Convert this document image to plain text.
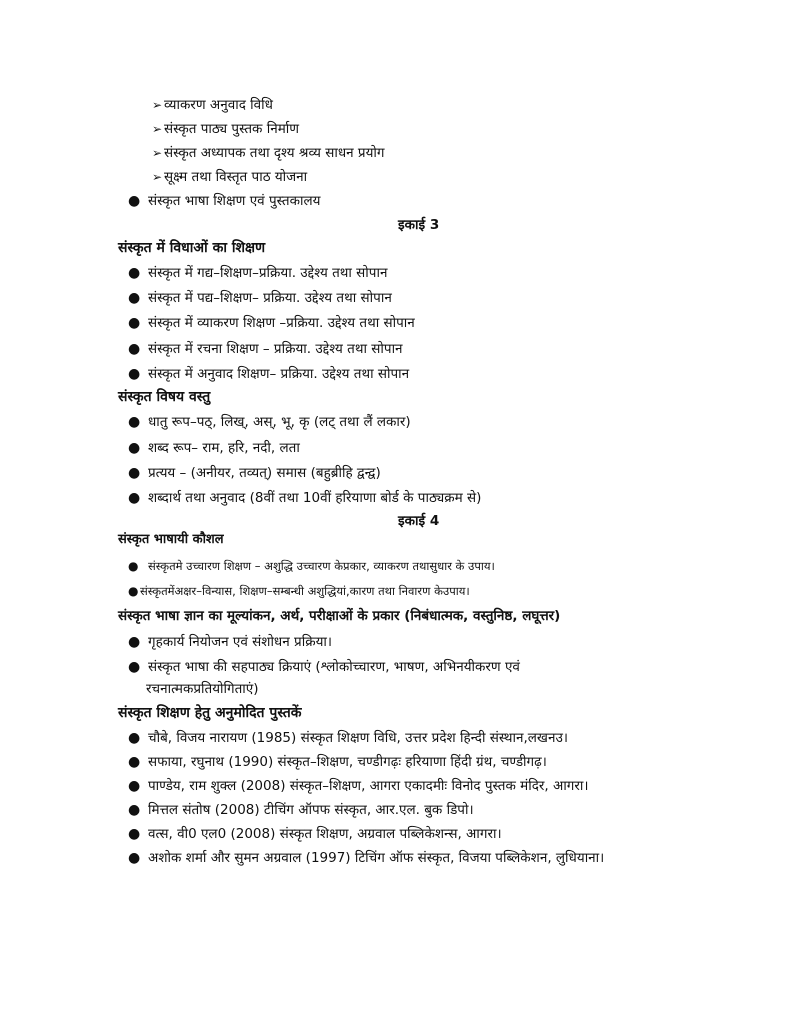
➢ व्याकरण अनुवाद विधि
➢ संस्कृत पाठ्य पुस्तक निर्माण
➢ संस्कृत अध्यापक तथा दृश्य श्रव्य साधन प्रयोग
➢ सूक्ष्म तथा विस्तृत पाठ योजना
● संस्कृत भाषा शिक्षण एवं पुस्तकालय
इकाई 3
संस्कृत में विधाओं का शिक्षण
● संस्कृत में गद्य–शिक्षण–प्रक्रिया. उद्देश्य तथा सोपान
● संस्कृत में पद्य–शिक्षण– प्रक्रिया. उद्देश्य तथा सोपान
● संस्कृत में व्याकरण शिक्षण –प्रक्रिया. उद्देश्य तथा सोपान
● संस्कृत में रचना शिक्षण – प्रक्रिया. उद्देश्य तथा सोपान
● संस्कृत में अनुवाद शिक्षण– प्रक्रिया. उद्देश्य तथा सोपान
संस्कृत विषय वस्तु
● धातु रूप–पठ्, लिख्, अस्, भू, कृ (लट् तथा लैं लकार)
● शब्द रूप– राम, हरि, नदी, लता
● प्रत्यय – (अनीयर, तव्यत्) समास (बहुब्रीहि द्वन्द्व)
● शब्दार्थ तथा अनुवाद (8वीं तथा 10वीं हरियाणा बोर्ड के पाठ्यक्रम से)
इकाई 4
संस्कृत भाषायी कौशल
● संस्कृतमे उच्चारण शिक्षण – अशुद्धि उच्चारण केप्रकार, व्याकरण तथासुधार के उपाय।
● संस्कृतमेंअक्षर–विन्यास, शिक्षण–सम्बन्धी अशुद्धियां,कारण तथा निवारण केउपाय।
संस्कृत भाषा ज्ञान का मूल्यांकन, अर्थ, परीक्षाओं के प्रकार (निबंधात्मक, वस्तुनिष्ठ, लघूत्तर)
● गृहकार्य नियोजन एवं संशोधन प्रक्रिया।
● संस्कृत भाषा की सहपाठ्य क्रियाएं (श्लोकोच्चारण, भाषण, अभिनयीकरण एवं
रचनात्मकप्रतियोगिताएं)
संस्कृत शिक्षण हेतु अनुमोदित पुस्तकें
● चौबे, विजय नारायण (1985) संस्कृत शिक्षण विधि, उत्तर प्रदेश हिन्दी संस्थान,लखनउ।
● सफाया, रघुनाथ (1990) संस्कृत–शिक्षण, चण्डीगढ़ः हरियाणा हिंदी ग्रंथ, चण्डीगढ़।
● पाण्डेय, राम शुक्ल (2008) संस्कृत–शिक्षण, आगरा एकादमीः विनोद पुस्तक मंदिर, आगरा।
● मित्तल संतोष (2008) टीचिंग ऑपफ संस्कृत, आर.एल. बुक डिपो।
● वत्स, वी0 एल0 (2008) संस्कृत शिक्षण, अग्रवाल पब्लिकेशन्स, आगरा।
● अशोक शर्मा और सुमन अग्रवाल (1997) टिचिंग ऑफ संस्कृत, विजया पब्लिकेशन, लुधियाना।
